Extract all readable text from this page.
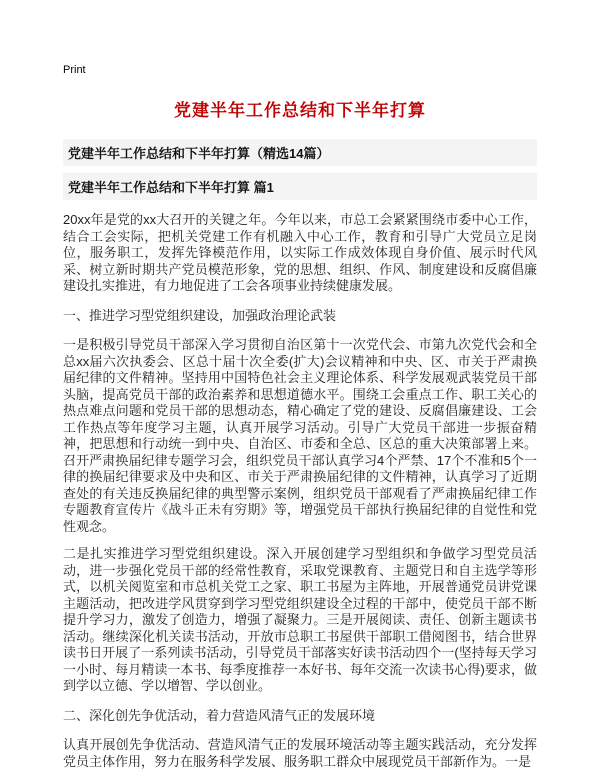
Print
党建半年工作总结和下半年打算
党建半年工作总结和下半年打算（精选14篇）
党建半年工作总结和下半年打算 篇1

20xx年是党的xx大召开的关键之年。今年以来，市总工会紧紧围绕市委中心工作，结合工会实际，把机关党建工作有机融入中心工作，教育和引导广大党员立足岗位，服务职工，发挥先锋模范作用，以实际工作成效体现自身价值、展示时代风采、树立新时期共产党员模范形象，党的思想、组织、作风、制度建设和反腐倡廉建设扎实推进，有力地促进了工会各项事业持续健康发展。

一、推进学习型党组织建设，加强政治理论武装

一是积极引导党员干部深入学习贯彻自治区第十一次党代会、市第九次党代会和全总xx届六次执委会、区总十届十次全委(扩大)会议精神和中央、区、市关于严肃换届纪律的文件精神。坚持用中国特色社会主义理论体系、科学发展观武装党员干部头脑，提高党员干部的政治素养和思想道德水平。围绕工会重点工作、职工关心的热点难点问题和党员干部的思想动态，精心确定了党的建设、反腐倡廉建设、工会工作热点等年度学习主题，认真开展学习活动。引导广大党员干部进一步振奋精神，把思想和行动统一到中央、自治区、市委和全总、区总的重大决策部署上来。召开严肃换届纪律专题学习会，组织党员干部认真学习4个严禁、17个不准和5个一律的换届纪律要求及中央和区、市关于严肃换届纪律的文件精神，认真学习了近期查处的有关违反换届纪律的典型警示案例，组织党员干部观看了严肃换届纪律工作专题教育宣传片《战斗正未有穷期》等，增强党员干部执行换届纪律的自觉性和党性观念。

二是扎实推进学习型党组织建设。深入开展创建学习型组织和争做学习型党员活动，进一步强化党员干部的经常性教育，采取党课教育、主题党日和自主选学等形式，以机关阅览室和市总机关党工之家、职工书屋为主阵地，开展普通党员讲党课主题活动，把改进学风贯穿到学习型党组织建设全过程的干部中，使党员干部不断提升学习力，激发了创造力，增强了凝聚力。三是开展阅读、责任、创新主题读书活动。继续深化机关读书活动，开放市总职工书屋供干部职工借阅图书，结合世界读书日开展了一系列读书活动，引导党员干部落实好读书活动四个一(坚持每天学习一小时、每月精读一本书、每季度推荐一本好书、每年交流一次读书心得)要求，做到学以立德、学以增智、学以创业。

二、深化创先争优活动，着力营造风清气正的发展环境

认真开展创先争优活动、营造风清气正的发展环境活动等主题实践活动，充分发挥党员主体作用，努力在服务科学发展、服务职工群众中展现党员干部新作为。一是
